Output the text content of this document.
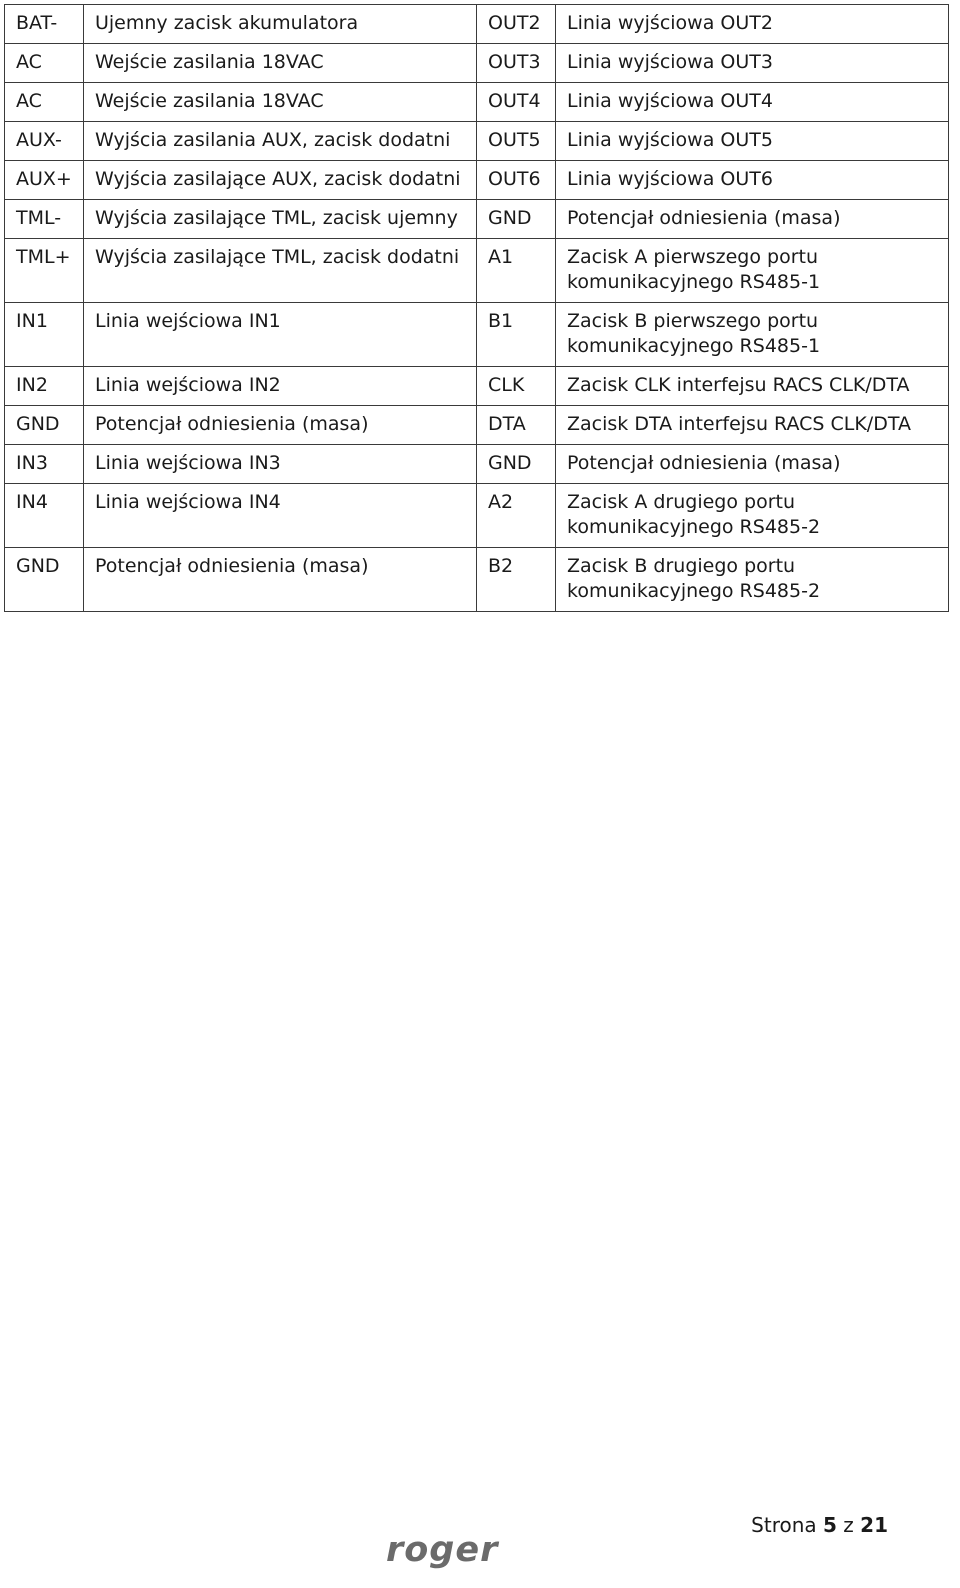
BAT-	Ujemny zacisk akumulatora	OUT2	Linia wyjściowa OUT2
AC	Wejście zasilania 18VAC	OUT3	Linia wyjściowa OUT3
AC	Wejście zasilania 18VAC	OUT4	Linia wyjściowa OUT4
AUX-	Wyjścia zasilania AUX, zacisk dodatni	OUT5	Linia wyjściowa OUT5
AUX+	Wyjścia zasilające AUX, zacisk dodatni	OUT6	Linia wyjściowa OUT6
TML-	Wyjścia zasilające TML, zacisk ujemny	GND	Potencjał odniesienia (masa)
TML+	Wyjścia zasilające TML, zacisk dodatni	A1	Zacisk A pierwszego portu komunikacyjnego RS485-1
IN1	Linia wejściowa IN1	B1	Zacisk B pierwszego portu komunikacyjnego RS485-1
IN2	Linia wejściowa IN2	CLK	Zacisk CLK interfejsu RACS CLK/DTA
GND	Potencjał odniesienia (masa)	DTA	Zacisk DTA interfejsu RACS CLK/DTA
IN3	Linia wejściowa IN3	GND	Potencjał odniesienia (masa)
IN4	Linia wejściowa IN4	A2	Zacisk A drugiego portu komunikacyjnego RS485-2
GND	Potencjał odniesienia (masa)	B2	Zacisk B drugiego portu komunikacyjnego RS485-2
Strona 5 z 21
roger
